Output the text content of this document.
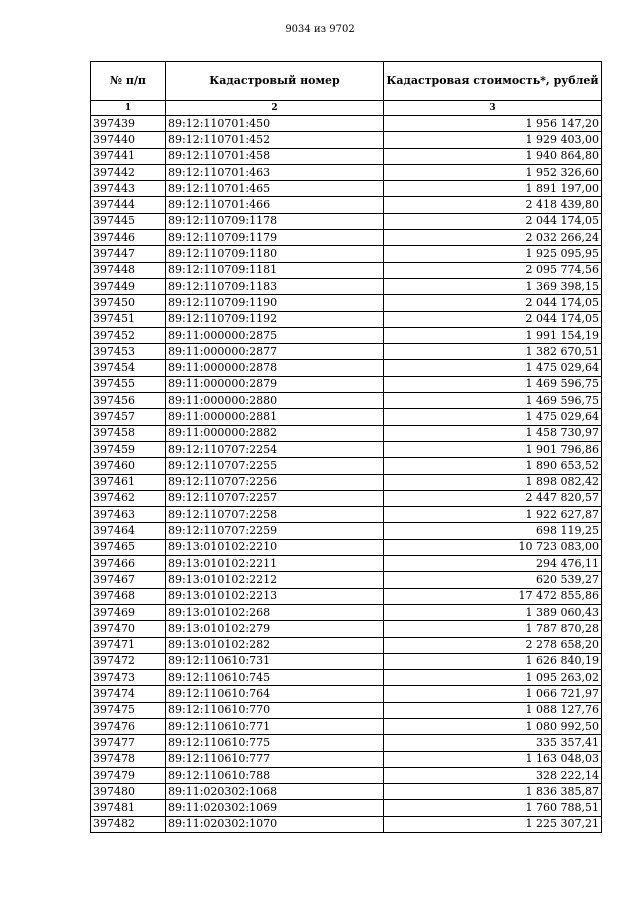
9034 из 9702
№ п/п	Кадастровый номер	Кадастровая стоимость*, рублей
1	2	3
397439	89:12:110701:450	1 956 147,20
397440	89:12:110701:452	1 929 403,00
397441	89:12:110701:458	1 940 864,80
397442	89:12:110701:463	1 952 326,60
397443	89:12:110701:465	1 891 197,00
397444	89:12:110701:466	2 418 439,80
397445	89:12:110709:1178	2 044 174,05
397446	89:12:110709:1179	2 032 266,24
397447	89:12:110709:1180	1 925 095,95
397448	89:12:110709:1181	2 095 774,56
397449	89:12:110709:1183	1 369 398,15
397450	89:12:110709:1190	2 044 174,05
397451	89:12:110709:1192	2 044 174,05
397452	89:11:000000:2875	1 991 154,19
397453	89:11:000000:2877	1 382 670,51
397454	89:11:000000:2878	1 475 029,64
397455	89:11:000000:2879	1 469 596,75
397456	89:11:000000:2880	1 469 596,75
397457	89:11:000000:2881	1 475 029,64
397458	89:11:000000:2882	1 458 730,97
397459	89:12:110707:2254	1 901 796,86
397460	89:12:110707:2255	1 890 653,52
397461	89:12:110707:2256	1 898 082,42
397462	89:12:110707:2257	2 447 820,57
397463	89:12:110707:2258	1 922 627,87
397464	89:12:110707:2259	698 119,25
397465	89:13:010102:2210	10 723 083,00
397466	89:13:010102:2211	294 476,11
397467	89:13:010102:2212	620 539,27
397468	89:13:010102:2213	17 472 855,86
397469	89:13:010102:268	1 389 060,43
397470	89:13:010102:279	1 787 870,28
397471	89:13:010102:282	2 278 658,20
397472	89:12:110610:731	1 626 840,19
397473	89:12:110610:745	1 095 263,02
397474	89:12:110610:764	1 066 721,97
397475	89:12:110610:770	1 088 127,76
397476	89:12:110610:771	1 080 992,50
397477	89:12:110610:775	335 357,41
397478	89:12:110610:777	1 163 048,03
397479	89:12:110610:788	328 222,14
397480	89:11:020302:1068	1 836 385,87
397481	89:11:020302:1069	1 760 788,51
397482	89:11:020302:1070	1 225 307,21
